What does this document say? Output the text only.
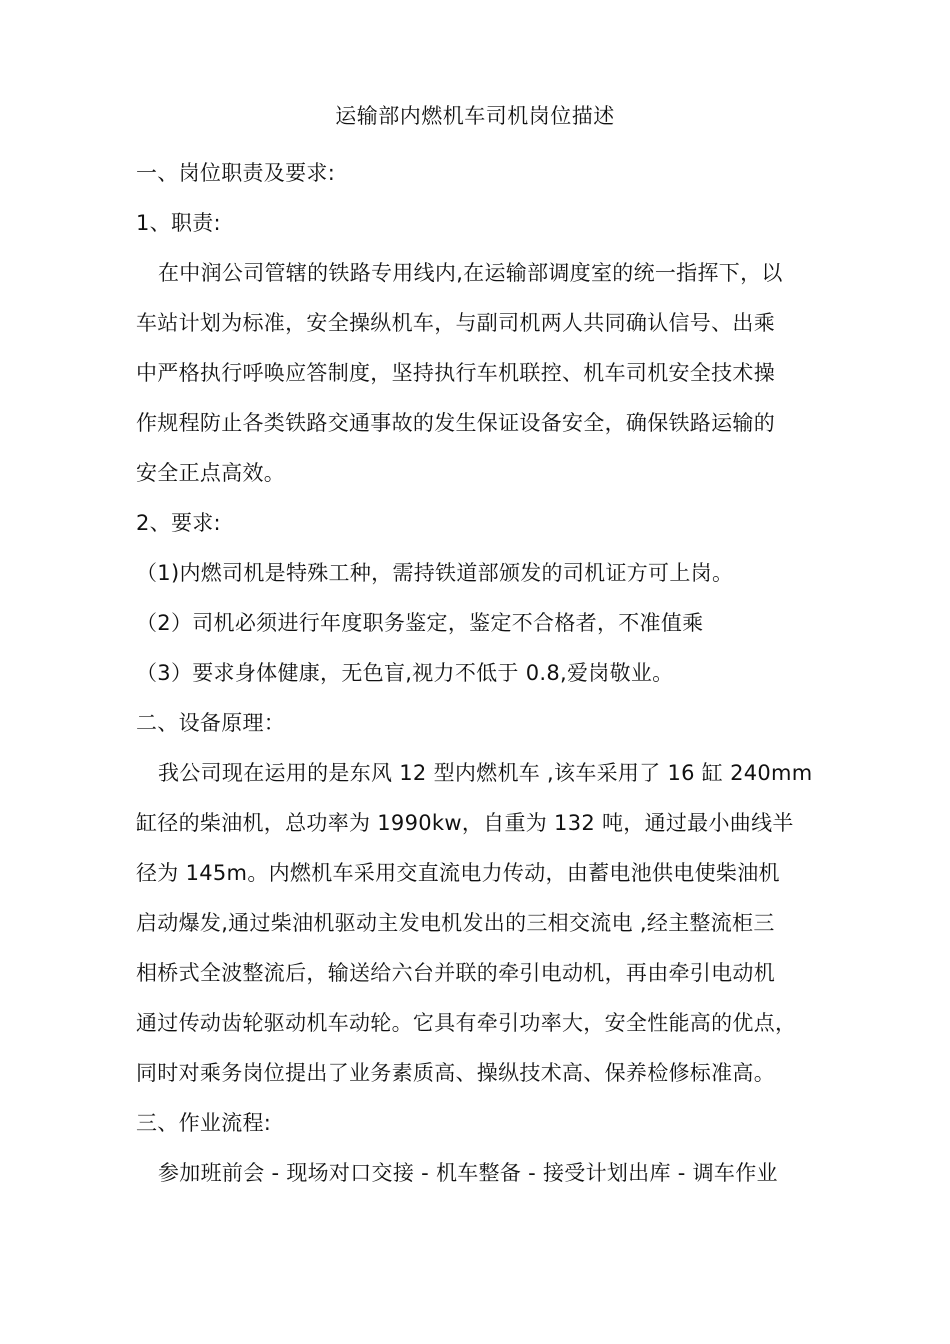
运输部内燃机车司机岗位描述
一、岗位职责及要求:
1、职责:
在中润公司管辖的铁路专用线内,在运输部调度室的统一指挥下，以
车站计划为标准，安全操纵机车，与副司机两人共同确认信号、出乘
中严格执行呼唤应答制度，坚持执行车机联控、机车司机安全技术操
作规程防止各类铁路交通事故的发生保证设备安全，确保铁路运输的
安全正点高效。
2、要求:
（1)内燃司机是特殊工种，需持铁道部颁发的司机证方可上岗。
（2）司机必须进行年度职务鉴定，鉴定不合格者，不准值乘
（3）要求身体健康，无色盲,视力不低于 0.8,爱岗敬业。
二、设备原理：
我公司现在运用的是东风 12 型内燃机车 ,该车采用了 16 缸 240mm
缸径的柴油机，总功率为 1990kw，自重为 132 吨，通过最小曲线半
径为 145m。内燃机车采用交直流电力传动，由蓄电池供电使柴油机
启动爆发,通过柴油机驱动主发电机发出的三相交流电 ,经主整流柜三
相桥式全波整流后，输送给六台并联的牵引电动机，再由牵引电动机
通过传动齿轮驱动机车动轮。它具有牵引功率大，安全性能高的优点，
同时对乘务岗位提出了业务素质高、操纵技术高、保养检修标准高。
三、作业流程:
参加班前会 - 现场对口交接 - 机车整备 - 接受计划出库 - 调车作业
